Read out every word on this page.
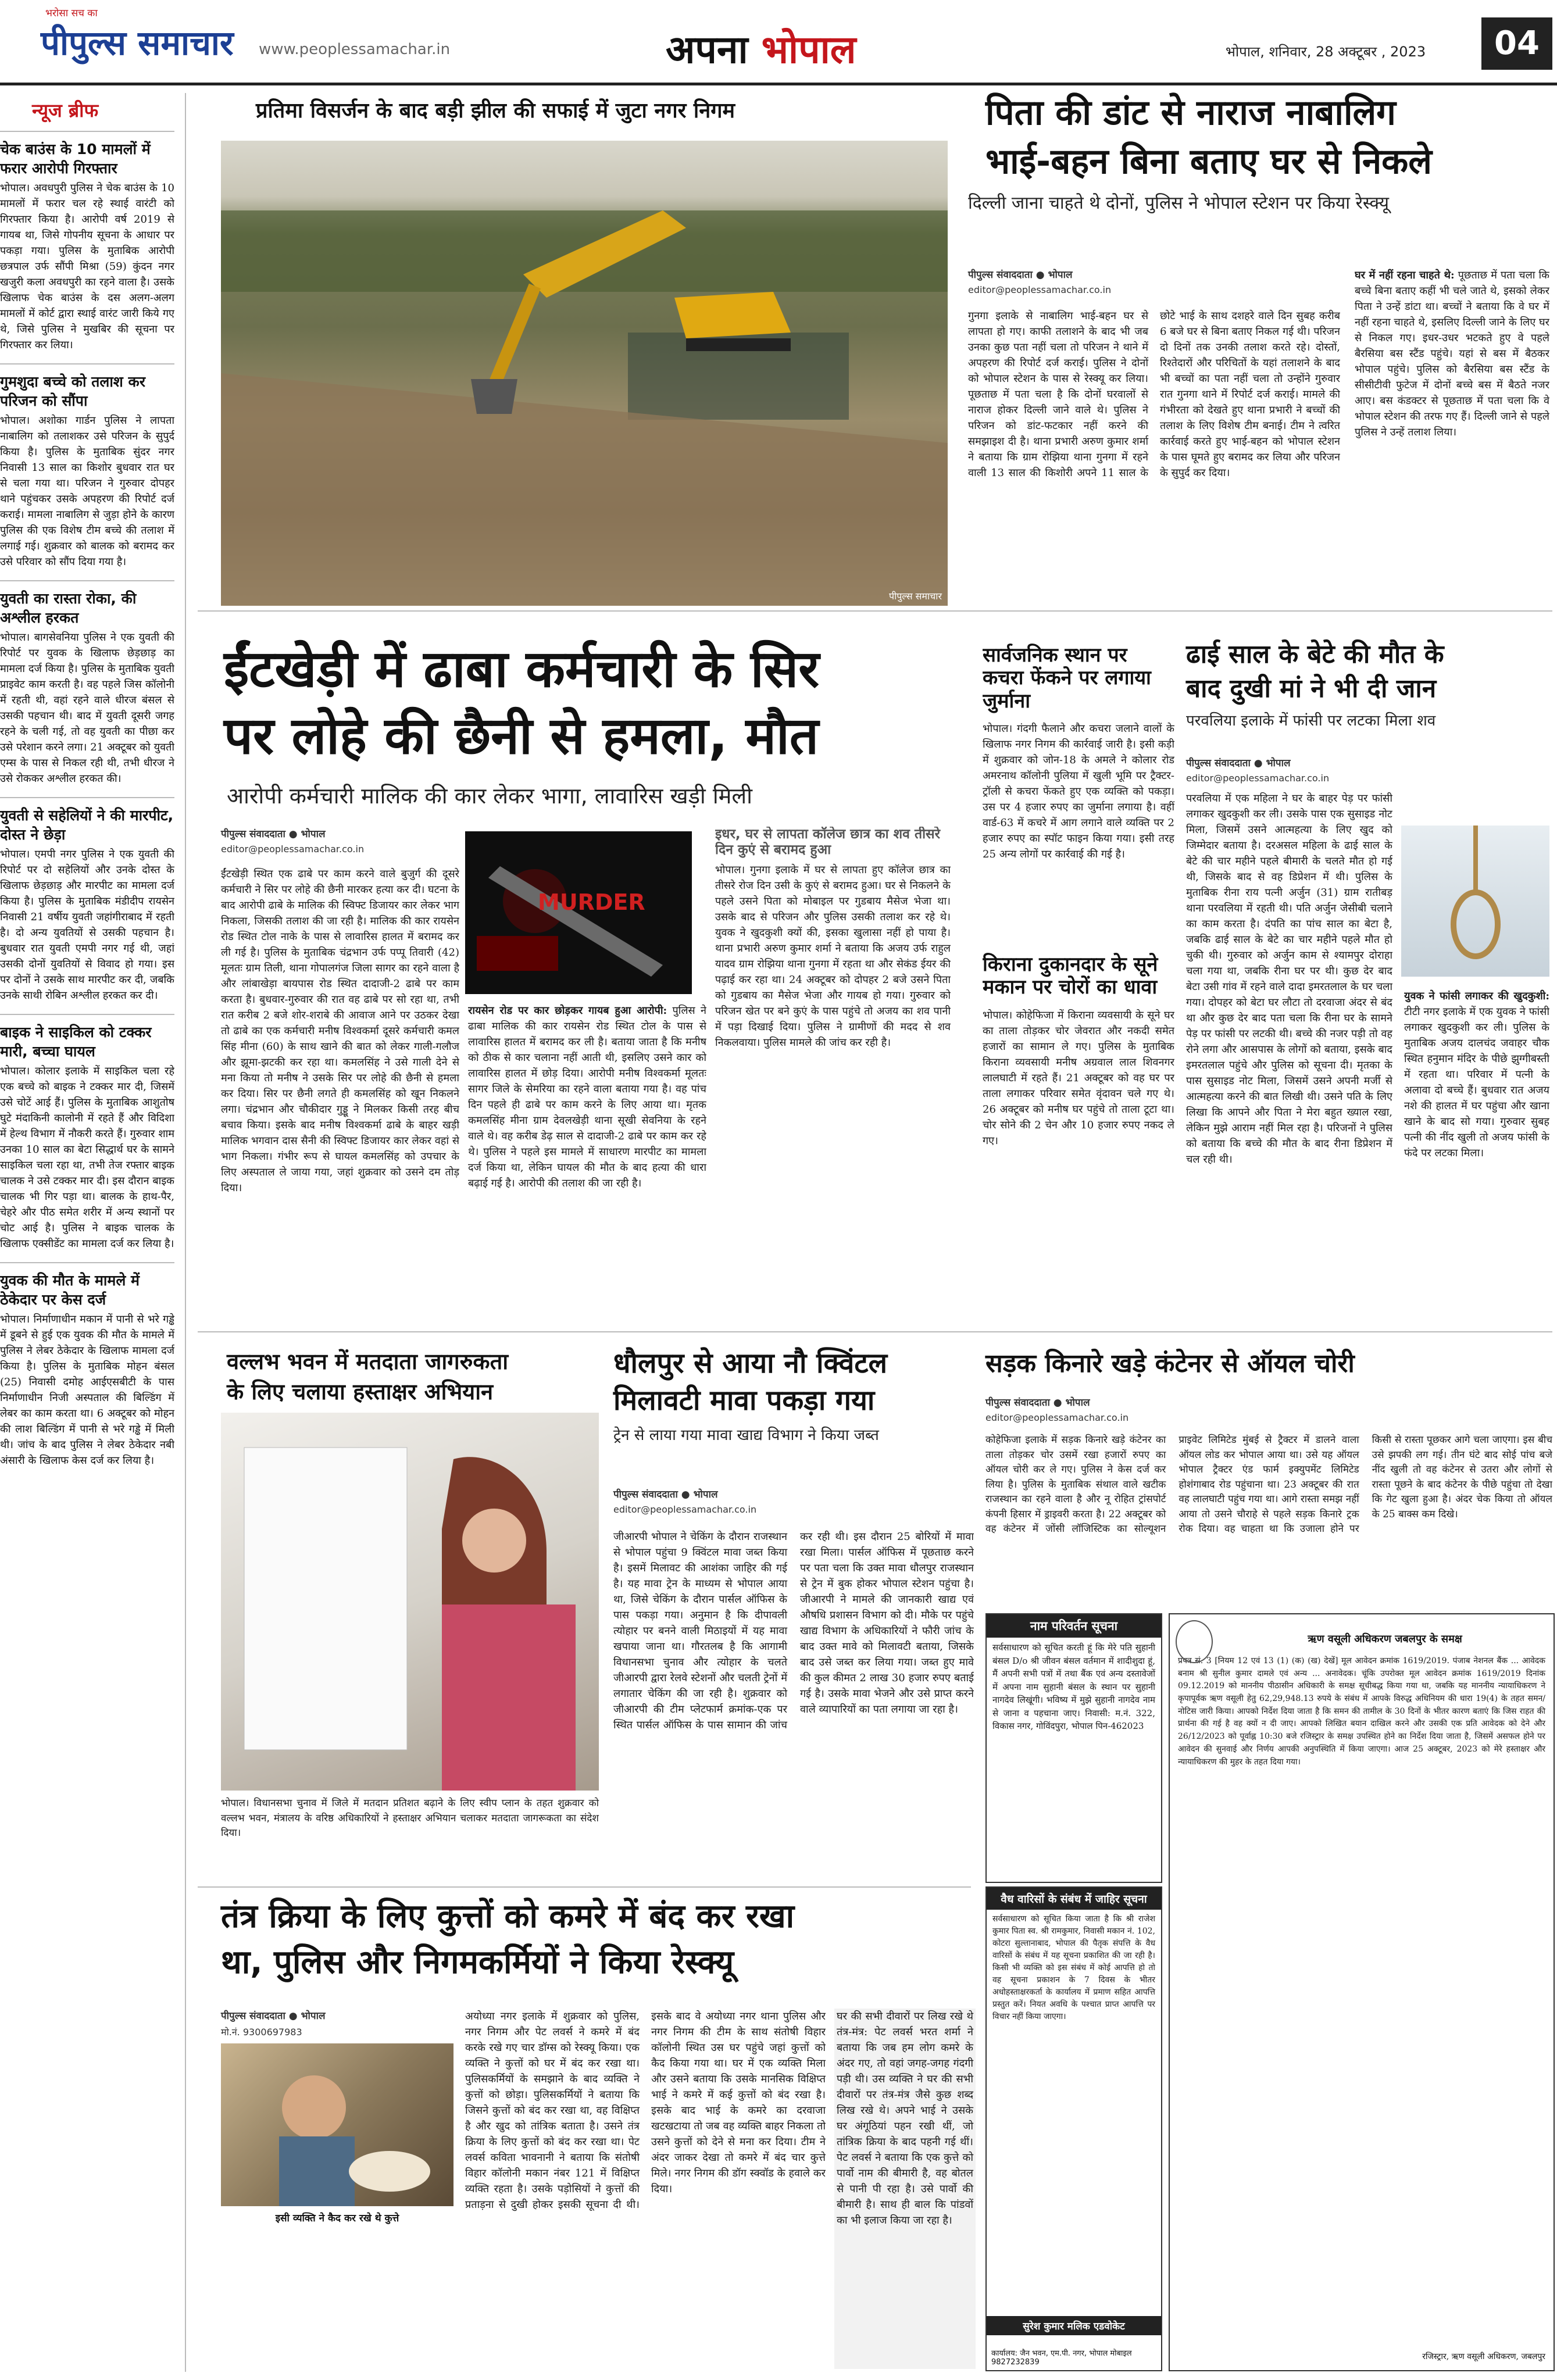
भरोसा सच का
पीपुल्स समाचार www.peoplessamachar.in	अपना भोपाल	भोपाल, शनिवार, 28 अक्टूबर , 2023	04
न्यूज ब्रीफ
चेक बाउंस के 10 मामलों में फरार आरोपी गिरफ्तार
भोपाल। अवधपुरी पुलिस ने चेक बाउंस के 10 मामलों में फरार चल रहे स्थाई वारंटी को गिरफ्तार किया है। आरोपी वर्ष 2019 से गायब था, जिसे गोपनीय सूचना के आधार पर पकड़ा गया। पुलिस के मुताबिक आरोपी छत्रपाल उर्फ सौंपी मिश्रा (59) कुंदन नगर खजुरी कला अवधपुरी का रहने वाला है। उसके खिलाफ चेक बाउंस के दस अलग-अलग मामलों में कोर्ट द्वारा स्थाई वारंट जारी किये गए थे, जिसे पुलिस ने मुखबिर की सूचना पर गिरफ्तार कर लिया।
गुमशुदा बच्चे को तलाश कर परिजन को सौंपा
भोपाल। अशोका गार्डन पुलिस ने लापता नाबालिग को तलाशकर उसे परिजन के सुपुर्द किया है। पुलिस के मुताबिक सुंदर नगर निवासी 13 साल का किशोर बुधवार रात घर से चला गया था। परिजन ने गुरुवार दोपहर थाने पहुंचकर उसके अपहरण की रिपोर्ट दर्ज कराई। मामला नाबालिग से जुड़ा होने के कारण पुलिस की एक विशेष टीम बच्चे की तलाश में लगाई गई। शुक्रवार को बालक को बरामद कर उसे परिवार को सौंप दिया गया है।
युवती का रास्ता रोका, की अश्लील हरकत
भोपाल। बागसेवनिया पुलिस ने एक युवती की रिपोर्ट पर युवक के खिलाफ छेड़छाड़ का मामला दर्ज किया है। पुलिस के मुताबिक युवती प्राइवेट काम करती है। वह पहले जिस कॉलोनी में रहती थी, वहां रहने वाले धीरज बंसल से उसकी पहचान थी। बाद में युवती दूसरी जगह रहने के चली गई, तो वह युवती का पीछा कर उसे परेशान करने लगा। 21 अक्टूबर को युवती एम्स के पास से निकल रही थी, तभी धीरज ने उसे रोककर अश्लील हरकत की।
युवती से सहेलियों ने की मारपीट, दोस्त ने छेड़ा
भोपाल। एमपी नगर पुलिस ने एक युवती की रिपोर्ट पर दो सहेलियों और उनके दोस्त के खिलाफ छेड़छाड़ और मारपीट का मामला दर्ज किया है। पुलिस के मुताबिक मंडीदीप रायसेन निवासी 21 वर्षीय युवती जहांगीराबाद में रहती है। दो अन्य युवतियों से उसकी पहचान है। बुधवार रात युवती एमपी नगर गई थी, जहां उसकी दोनों युवतियों से विवाद हो गया। इस पर दोनों ने उसके साथ मारपीट कर दी, जबकि उनके साथी रोबिन अश्लील हरकत कर दी।
बाइक ने साइकिल को टक्कर मारी, बच्चा घायल
भोपाल। कोलार इलाके में साइकिल चला रहे एक बच्चे को बाइक ने टक्कर मार दी, जिसमें उसे चोटें आई हैं। पुलिस के मुताबिक आशुतोष घुटे मंदाकिनी कालोनी में रहते हैं और विदिशा में हेल्थ विभाग में नौकरी करते हैं। गुरुवार शाम उनका 10 साल का बेटा सिद्धार्थ घर के सामने साइकिल चला रहा था, तभी तेज रफ्तार बाइक चालक ने उसे टक्कर मार दी। इस दौरान बाइक चालक भी गिर पड़ा था। बालक के हाथ-पैर, चेहरे और पीठ समेत शरीर में अन्य स्थानों पर चोट आई है। पुलिस ने बाइक चालक के खिलाफ एक्सीडेंट का मामला दर्ज कर लिया है।
युवक की मौत के मामले में ठेकेदार पर केस दर्ज
भोपाल। निर्माणाधीन मकान में पानी से भरे गड्ढे में डूबने से हुई एक युवक की मौत के मामले में पुलिस ने लेबर ठेकेदार के खिलाफ मामला दर्ज किया है। पुलिस के मुताबिक मोहन बंसल (25) निवासी दमोह आईएसबीटी के पास निर्माणाधीन निजी अस्पताल की बिल्डिंग में लेबर का काम करता था। 6 अक्टूबर को मोहन की लाश बिल्डिंग में पानी से भरे गड्ढे में मिली थी। जांच के बाद पुलिस ने लेबर ठेकेदार नबी अंसारी के खिलाफ केस दर्ज कर लिया है।
प्रतिमा विसर्जन के बाद बड़ी झील की सफाई में जुटा नगर निगम
पीपुल्स समाचार
पिता की डांट से नाराज नाबालिग
भाई-बहन बिना बताए घर से निकले
दिल्ली जाना चाहते थे दोनों, पुलिस ने भोपाल स्टेशन पर किया रेस्क्यू
पीपुल्स संवाददाता ● भोपाल
editor@peoplessamachar.co.in
गुनगा इलाके से नाबालिग भाई-बहन घर से लापता हो गए। काफी तलाशने के बाद भी जब उनका कुछ पता नहीं चला तो परिजन ने थाने में अपहरण की रिपोर्ट दर्ज कराई। पुलिस ने दोनों को भोपाल स्टेशन के पास से रेस्क्यू कर लिया। पूछताछ में पता चला है कि दोनों घरवालों से नाराज होकर दिल्ली जाने वाले थे। पुलिस ने परिजन को डांट-फटकार नहीं करने की समझाइश दी है। थाना प्रभारी अरुण कुमार शर्मा ने बताया कि ग्राम रोझिया थाना गुनगा में रहने वाली 13 साल की किशोरी अपने 11 साल के छोटे भाई के साथ दशहरे वाले दिन सुबह करीब 6 बजे घर से बिना बताए निकल गई थी। परिजन दो दिनों तक उनकी तलाश करते रहे। दोस्तों, रिश्तेदारों और परिचितों के यहां तलाशने के बाद भी बच्चों का पता नहीं चला तो उन्होंने गुरुवार रात गुनगा थाने में रिपोर्ट दर्ज कराई। मामले की गंभीरता को देखते हुए थाना प्रभारी ने बच्चों की तलाश के लिए विशेष टीम बनाई। टीम ने त्वरित कार्रवाई करते हुए भाई-बहन को भोपाल स्टेशन के पास घूमते हुए बरामद कर लिया और परिजन के सुपुर्द कर दिया।
घर में नहीं रहना चाहते थे: पूछताछ में पता चला कि बच्चे बिना बताए कहीं भी चले जाते थे, इसको लेकर पिता ने उन्हें डांटा था। बच्चों ने बताया कि वे घर में नहीं रहना चाहते थे, इसलिए दिल्ली जाने के लिए घर से निकल गए। इधर-उधर भटकते हुए वे पहले बैरसिया बस स्टैंड पहुंचे। यहां से बस में बैठकर भोपाल पहुंचे। पुलिस को बैरसिया बस स्टैंड के सीसीटीवी फुटेज में दोनों बच्चे बस में बैठते नजर आए। बस कंडक्टर से पूछताछ में पता चला कि वे भोपाल स्टेशन की तरफ गए हैं। दिल्ली जाने से पहले पुलिस ने उन्हें तलाश लिया।
ईंटखेड़ी में ढाबा कर्मचारी के सिर
पर लोहे की छैनी से हमला, मौत
आरोपी कर्मचारी मालिक की कार लेकर भागा, लावारिस खड़ी मिली
पीपुल्स संवाददाता ● भोपाल
editor@peoplessamachar.co.in
MURDER
ईंटखेड़ी स्थित एक ढाबे पर काम करने वाले बुजुर्ग की दूसरे कर्मचारी ने सिर पर लोहे की छैनी मारकर हत्या कर दी। घटना के बाद आरोपी ढाबे के मालिक की स्विफ्ट डिजायर कार लेकर भाग निकला, जिसकी तलाश की जा रही है। मालिक की कार रायसेन रोड स्थित टोल नाके के पास से लावारिस हालत में बरामद कर ली गई है। पुलिस के मुताबिक चंद्रभान उर्फ पप्पू तिवारी (42) मूलतः ग्राम तिली, थाना गोपालगंज जिला सागर का रहने वाला है और लांबाखेड़ा बायपास रोड स्थित दादाजी-2 ढाबे पर काम करता है। बुधवार-गुरुवार की रात वह ढाबे पर सो रहा था, तभी रात करीब 2 बजे शोर-शराबे की आवाज आने पर उठकर देखा तो ढाबे का एक कर्मचारी मनीष विश्वकर्मा दूसरे कर्मचारी कमल सिंह मीना (60) के साथ खाने की बात को लेकर गाली-गलौज और झूमा-झटकी कर रहा था। कमलसिंह ने उसे गाली देने से मना किया तो मनीष ने उसके सिर पर लोहे की छैनी से हमला कर दिया। सिर पर छैनी लगते ही कमलसिंह को खून निकलने लगा। चंद्रभान और चौकीदार गुड्डू ने मिलकर किसी तरह बीच बचाव किया। इसके बाद मनीष विश्वकर्मा ढाबे के बाहर खड़ी मालिक भगवान दास सैनी की स्विफ्ट डिजायर कार लेकर वहां से भाग निकला। गंभीर रूप से घायल कमलसिंह को उपचार के लिए अस्पताल ले जाया गया, जहां शुक्रवार को उसने दम तोड़ दिया।
रायसेन रोड पर कार छोड़कर गायब हुआ आरोपी: पुलिस ने ढाबा मालिक की कार रायसेन रोड स्थित टोल के पास से लावारिस हालत में बरामद कर ली है। बताया जाता है कि मनीष को ठीक से कार चलाना नहीं आती थी, इसलिए उसने कार को लावारिस हालत में छोड़ दिया। आरोपी मनीष विश्वकर्मा मूलतः सागर जिले के सेमरिया का रहने वाला बताया गया है। वह पांच दिन पहले ही ढाबे पर काम करने के लिए आया था। मृतक कमलसिंह मीना ग्राम देवलखेड़ी थाना सूखी सेवनिया के रहने वाले थे। वह करीब डेढ़ साल से दादाजी-2 ढाबे पर काम कर रहे थे। पुलिस ने पहले इस मामले में साधारण मारपीट का मामला दर्ज किया था, लेकिन घायल की मौत के बाद हत्या की धारा बढ़ाई गई है। आरोपी की तलाश की जा रही है।
इधर, घर से लापता कॉलेज छात्र का शव तीसरे दिन कुएं से बरामद हुआ
भोपाल। गुनगा इलाके में घर से लापता हुए कॉलेज छात्र का तीसरे रोज दिन उसी के कुएं से बरामद हुआ। घर से निकलने के पहले उसने पिता को मोबाइल पर गुडबाय मैसेज भेजा था। उसके बाद से परिजन और पुलिस उसकी तलाश कर रहे थे। युवक ने खुदकुशी क्यों की, इसका खुलासा नहीं हो पाया है। थाना प्रभारी अरुण कुमार शर्मा ने बताया कि अजय उर्फ राहुल यादव ग्राम रोझिया थाना गुनगा में रहता था और सेकंड ईयर की पढ़ाई कर रहा था। 24 अक्टूबर को दोपहर 2 बजे उसने पिता को गुडबाय का मैसेज भेजा और गायब हो गया। गुरुवार को परिजन खेत पर बने कुएं के पास पहुंचे तो अजय का शव पानी में पड़ा दिखाई दिया। पुलिस ने ग्रामीणों की मदद से शव निकलवाया। पुलिस मामले की जांच कर रही है।
सार्वजनिक स्थान पर कचरा फेंकने पर लगाया जुर्माना
भोपाल। गंदगी फैलाने और कचरा जलाने वालों के खिलाफ नगर निगम की कार्रवाई जारी है। इसी कड़ी में शुक्रवार को जोन-18 के अमले ने कोलार रोड अमरनाथ कॉलोनी पुलिया में खुली भूमि पर ट्रैक्टर-ट्रॉली से कचरा फेंकते हुए एक व्यक्ति को पकड़ा। उस पर 4 हजार रुपए का जुर्माना लगाया है। वहीं वार्ड-63 में कचरे में आग लगाने वाले व्यक्ति पर 2 हजार रुपए का स्पॉट फाइन किया गया। इसी तरह 25 अन्य लोगों पर कार्रवाई की गई है।
किराना दुकानदार के सूने मकान पर चोरों का धावा
भोपाल। कोहेफिजा में किराना व्यवसायी के सूने घर का ताला तोड़कर चोर जेवरात और नकदी समेत हजारों का सामान ले गए। पुलिस के मुताबिक किराना व्यवसायी मनीष अग्रवाल लाल शिवनगर लालघाटी में रहते हैं। 21 अक्टूबर को वह घर पर ताला लगाकर परिवार समेत वृंदावन चले गए थे। 26 अक्टूबर को मनीष घर पहुंचे तो ताला टूटा था। चोर सोने की 2 चेन और 10 हजार रुपए नकद ले गए।
ढाई साल के बेटे की मौत के
बाद दुखी मां ने भी दी जान
परवलिया इलाके में फांसी पर लटका मिला शव
पीपुल्स संवाददाता ● भोपाल
editor@peoplessamachar.co.in
परवलिया में एक महिला ने घर के बाहर पेड़ पर फांसी लगाकर खुदकुशी कर ली। उसके पास एक सुसाइड नोट मिला, जिसमें उसने आत्महत्या के लिए खुद को जिम्मेदार बताया है। दरअसल महिला के ढाई साल के बेटे की चार महीने पहले बीमारी के चलते मौत हो गई थी, जिसके बाद से वह डिप्रेशन में थी। पुलिस के मुताबिक रीना राय पत्नी अर्जुन (31) ग्राम रातीबड़ थाना परवलिया में रहती थी। पति अर्जुन जेसीबी चलाने का काम करता है। दंपति का पांच साल का बेटा है, जबकि ढाई साल के बेटे का चार महीने पहले मौत हो चुकी थी। गुरुवार को अर्जुन काम से श्यामपुर दोराहा चला गया था, जबकि रीना घर पर थी। कुछ देर बाद बेटा उसी गांव में रहने वाले दादा इमरतलाल के घर चला गया। दोपहर को बेटा घर लौटा तो दरवाजा अंदर से बंद था और कुछ देर बाद पता चला कि रीना घर के सामने पेड़ पर फांसी पर लटकी थी। बच्चे की नजर पड़ी तो वह रोने लगा और आसपास के लोगों को बताया, इसके बाद इमरतलाल पहुंचे और पुलिस को सूचना दी। मृतका के पास सुसाइड नोट मिला, जिसमें उसने अपनी मर्जी से आत्महत्या करने की बात लिखी थी। उसने पति के लिए लिखा कि आपने और पिता ने मेरा बहुत ख्याल रखा, लेकिन मुझे आराम नहीं मिल रहा है। परिजनों ने पुलिस को बताया कि बच्चे की मौत के बाद रीना डिप्रेशन में चल रही थी।
युवक ने फांसी लगाकर की खुदकुशी: टीटी नगर इलाके में एक युवक ने फांसी लगाकर खुदकुशी कर ली। पुलिस के मुताबिक अजय दालचंद जवाहर चौक स्थित हनुमान मंदिर के पीछे झुग्गीबस्ती में रहता था। परिवार में पत्नी के अलावा दो बच्चे हैं। बुधवार रात अजय नशे की हालत में घर पहुंचा और खाना खाने के बाद सो गया। गुरुवार सुबह पत्नी की नींद खुली तो अजय फांसी के फंदे पर लटका मिला।
वल्लभ भवन में मतदाता जागरुकता
के लिए चलाया हस्ताक्षर अभियान
भोपाल। विधानसभा चुनाव में जिले में मतदान प्रतिशत बढ़ाने के लिए स्वीप प्लान के तहत शुक्रवार को वल्लभ भवन, मंत्रालय के वरिष्ठ अधिकारियों ने हस्ताक्षर अभियान चलाकर मतदाता जागरूकता का संदेश दिया।
धौलपुर से आया नौ क्विंटल
मिलावटी मावा पकड़ा गया
ट्रेन से लाया गया मावा खाद्य विभाग ने किया जब्त
पीपुल्स संवाददाता ● भोपाल
editor@peoplessamachar.co.in
जीआरपी भोपाल ने चेकिंग के दौरान राजस्थान से भोपाल पहुंचा 9 क्विंटल मावा जब्त किया है। इसमें मिलावट की आशंका जाहिर की गई है। यह मावा ट्रेन के माध्यम से भोपाल आया था, जिसे चेकिंग के दौरान पार्सल ऑफिस के पास पकड़ा गया। अनुमान है कि दीपावली त्योहार पर बनने वाली मिठाइयों में यह मावा खपाया जाना था। गौरतलब है कि आगामी विधानसभा चुनाव और त्योहार के चलते जीआरपी द्वारा रेलवे स्टेशनों और चलती ट्रेनों में लगातार चेकिंग की जा रही है। शुक्रवार को जीआरपी की टीम प्लेटफार्म क्रमांक-एक पर स्थित पार्सल ऑफिस के पास सामान की जांच कर रही थी। इस दौरान 25 बोरियों में मावा रखा मिला। पार्सल ऑफिस में पूछताछ करने पर पता चला कि उक्त मावा धौलपुर राजस्थान से ट्रेन में बुक होकर भोपाल स्टेशन पहुंचा है। जीआरपी ने मामले की जानकारी खाद्य एवं औषधि प्रशासन विभाग को दी। मौके पर पहुंचे खाद्य विभाग के अधिकारियों ने फौरी जांच के बाद उक्त मावे को मिलावटी बताया, जिसके बाद उसे जब्त कर लिया गया। जब्त हुए मावे की कुल कीमत 2 लाख 30 हजार रुपए बताई गई है। उसके मावा भेजने और उसे प्राप्त करने वाले व्यापारियों का पता लगाया जा रहा है।
सड़क किनारे खड़े कंटेनर से ऑयल चोरी
पीपुल्स संवाददाता ● भोपाल
editor@peoplessamachar.co.in
कोहेफिजा इलाके में सड़क किनारे खड़े कंटेनर का ताला तोड़कर चोर उसमें रखा हजारों रुपए का ऑयल चोरी कर ले गए। पुलिस ने केस दर्ज कर लिया है। पुलिस के मुताबिक संथाल वाले खटीक राजस्थान का रहने वाला है और नू रोहित ट्रांसपोर्ट कंपनी हिसार में ड्राइवरी करता है। 22 अक्टूबर को वह कंटेनर में जोंसी लॉजिस्टिक का सोल्यूशन प्राइवेट लिमिटेड मुंबई से ट्रैक्टर में डालने वाला ऑयल लोड कर भोपाल आया था। उसे यह ऑयल भोपाल ट्रैक्टर एंड फार्म इक्युपमेंट लिमिटेड होशंगाबाद रोड पहुंचाना था। 23 अक्टूबर की रात वह लालघाटी पहुंच गया था। आगे रास्ता समझ नहीं आया तो उसने चौराहे से पहले सड़क किनारे ट्रक रोक दिया। वह चाहता था कि उजाला होने पर किसी से रास्ता पूछकर आगे चला जाएगा। इस बीच उसे झपकी लग गई। तीन घंटे बाद सोई पांच बजे नींद खुली तो वह कंटेनर से उतरा और लोगों से रास्ता पूछने के बाद कंटेनर के पीछे पहुंचा तो देखा कि गेट खुला हुआ है। अंदर चेक किया तो ऑयल के 25 बाक्स कम दिखे।
नाम परिवर्तन सूचना
सर्वसाधारण को सूचित करती हूं कि मेरे पति सुहानी बंसल D/o श्री जीवन बंसल वर्तमान में शादीशुदा हूं, मैं अपनी सभी पत्रों में तथा बैंक एवं अन्य दस्तावेजों में अपना नाम सुहानी बंसल के स्थान पर सुहानी नागदेव लिखूंगी। भविष्य में मुझे सुहानी नागदेव नाम से जाना व पहचाना जाए। निवासी: म.नं. 322, विकास नगर, गोविंदपुरा, भोपाल पिन-462023
ऋण वसूली अधिकरण जबलपुर के समक्ष
प्रपत्र सं. 3 [नियम 12 एवं 13 (1) (क) (ख) देखें] मूल आवेदन क्रमांक 1619/2019. पंजाब नेशनल बैंक ... आवेदक बनाम श्री सुनील कुमार दामले एवं अन्य ... अनावेदक। चूंकि उपरोक्त मूल आवेदन क्रमांक 1619/2019 दिनांक 09.12.2019 को माननीय पीठासीन अधिकारी के समक्ष सूचीबद्ध किया गया था, जबकि यह माननीय न्यायाधिकरण ने कृपापूर्वक ऋण वसूली हेतु 62,29,948.13 रुपये के संबंध में आपके विरुद्ध अधिनियम की धारा 19(4) के तहत समन/नोटिस जारी किया। आपको निर्देश दिया जाता है कि समन की तामील के 30 दिनों के भीतर कारण बताएं कि जिस राहत की प्रार्थना की गई है वह क्यों न दी जाए। आपको लिखित बयान दाखिल करने और उसकी एक प्रति आवेदक को देने और 26/12/2023 को पूर्वाह्न 10:30 बजे रजिस्ट्रार के समक्ष उपस्थित होने का निर्देश दिया जाता है, जिसमें असफल होने पर आवेदन की सुनवाई और निर्णय आपकी अनुपस्थिति में किया जाएगा। आज 25 अक्टूबर, 2023 को मेरे हस्ताक्षर और न्यायाधिकरण की मुहर के तहत दिया गया।
रजिस्ट्रार, ऋण वसूली अधिकरण, जबलपुर
वैध वारिसों के संबंध में जाहिर सूचना
सर्वसाधारण को सूचित किया जाता है कि श्री राजेश कुमार पिता स्व. श्री रामकुमार, निवासी मकान नं. 102, कोटरा सुल्तानाबाद, भोपाल की पैतृक संपत्ति के वैध वारिसों के संबंध में यह सूचना प्रकाशित की जा रही है। किसी भी व्यक्ति को इस संबंध में कोई आपत्ति हो तो वह सूचना प्रकाशन के 7 दिवस के भीतर अधोहस्ताक्षरकर्ता के कार्यालय में प्रमाण सहित आपत्ति प्रस्तुत करें। नियत अवधि के पश्चात प्राप्त आपत्ति पर विचार नहीं किया जाएगा।
सुरेश कुमार मलिक एडवोकेट
कार्यालय: जैन भवन, एम.पी. नगर, भोपाल मोबाइल 9827232839
तंत्र क्रिया के लिए कुत्तों को कमरे में बंद कर रखा
था, पुलिस और निगमकर्मियों ने किया रेस्क्यू
पीपुल्स संवाददाता ● भोपाल
मो.नं. 9300697983
इसी व्यक्ति ने कैद कर रखे थे कुत्ते
अयोध्या नगर इलाके में शुक्रवार को पुलिस, नगर निगम और पेट लवर्स ने कमरे में बंद करके रखे गए चार डॉग्स को रेस्क्यू किया। एक व्यक्ति ने कुत्तों को घर में बंद कर रखा था। पुलिसकर्मियों के समझाने के बाद व्यक्ति ने कुत्तों को छोड़ा। पुलिसकर्मियों ने बताया कि जिसने कुत्तों को बंद कर रखा था, वह विक्षिप्त है और खुद को तांत्रिक बताता है। उसने तंत्र क्रिया के लिए कुत्तों को बंद कर रखा था। पेट लवर्स कविता भावनानी ने बताया कि संतोषी विहार कॉलोनी मकान नंबर 121 में विक्षिप्त व्यक्ति रहता है। उसके पड़ोसियों ने कुत्तों की प्रताड़ना से दुखी होकर इसकी सूचना दी थी। इसके बाद वे अयोध्या नगर थाना पुलिस और नगर निगम की टीम के साथ संतोषी विहार कॉलोनी स्थित उस घर पहुंचे जहां कुत्तों को कैद किया गया था। घर में एक व्यक्ति मिला और उसने बताया कि उसके मानसिक विक्षिप्त भाई ने कमरे में कई कुत्तों को बंद रखा है। इसके बाद भाई के कमरे का दरवाजा खटखटाया तो जब वह व्यक्ति बाहर निकला तो उसने कुत्तों को देने से मना कर दिया। टीम ने अंदर जाकर देखा तो कमरे में बंद चार कुत्ते मिले। नगर निगम की डॉग स्क्वॉड के हवाले कर दिया।
घर की सभी दीवारों पर लिख रखे थे तंत्र-मंत्र: पेट लवर्स भरत शर्मा ने बताया कि जब हम लोग कमरे के अंदर गए, तो वहां जगह-जगह गंदगी पड़ी थी। उस व्यक्ति ने घर की सभी दीवारों पर तंत्र-मंत्र जैसे कुछ शब्द लिख रखे थे। अपने भाई ने उसके घर अंगूठियां पहन रखी थीं, जो तांत्रिक क्रिया के बाद पहनी गई थीं। पेट लवर्स ने बताया कि एक कुत्ते को पार्वो नाम की बीमारी है, वह बोतल से पानी पी रहा है। उसे पार्वो की बीमारी है। साथ ही बाल कि पांडवों का भी इलाज किया जा रहा है।
